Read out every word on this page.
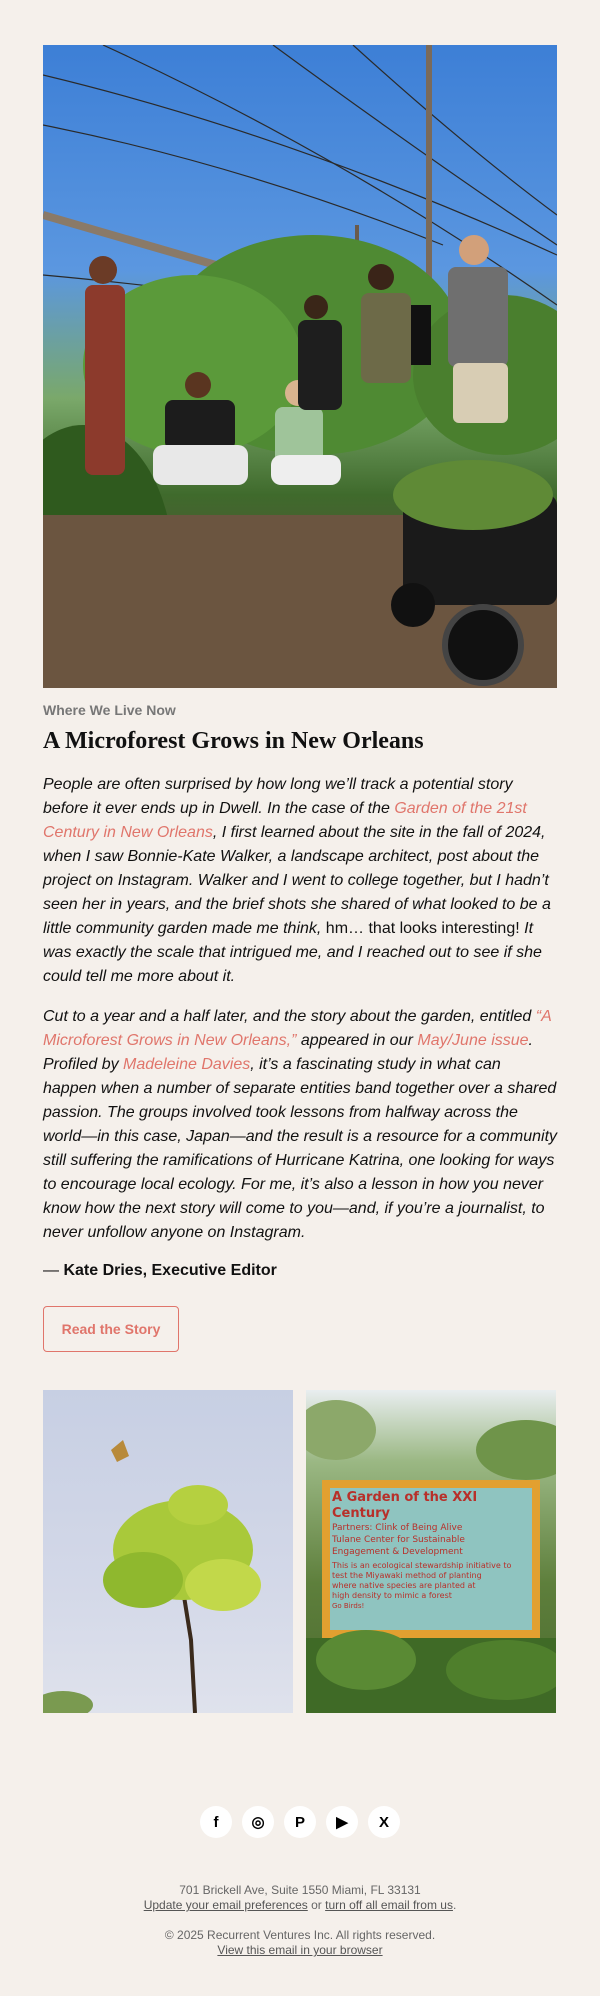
Where We Live Now
A Microforest Grows in New Orleans

People are often surprised by how long we’ll track a potential story before it ever ends up in Dwell. In the case of the Garden of the 21st Century in New Orleans, I first learned about the site in the fall of 2024, when I saw Bonnie-Kate Walker, a landscape architect, post about the project on Instagram. Walker and I went to college together, but I hadn’t seen her in years, and the brief shots she shared of what looked to be a little community garden made me think, hm… that looks interesting! It was exactly the scale that intrigued me, and I reached out to see if she could tell me more about it.

Cut to a year and a half later, and the story about the garden, entitled “A Microforest Grows in New Orleans,” appeared in our May/June issue. Profiled by Madeleine Davies, it’s a fascinating study in what can happen when a number of separate entities band together over a shared passion. The groups involved took lessons from halfway across the world—in this case, Japan—and the result is a resource for a community still suffering the ramifications of Hurricane Katrina, one looking for ways to encourage local ecology. For me, it’s also a lesson in how you never know how the next story will come to you—and, if you’re a journalist, to never unfollow anyone on Instagram.

— Kate Dries, Executive Editor
Read the Story
A Garden of the XXI Century
Partners: Clink of Being Alive
Tulane Center for Sustainable
Engagement & Development
This is an ecological stewardship initiative to
test the Miyawaki method of planting
where native species are planted at
high density to mimic a forest
Go Birds!
f ◎ P ▶ X
701 Brickell Ave, Suite 1550 Miami, FL 33131
Update your email preferences or turn off all email from us.
© 2025 Recurrent Ventures Inc. All rights reserved.
View this email in your browser
